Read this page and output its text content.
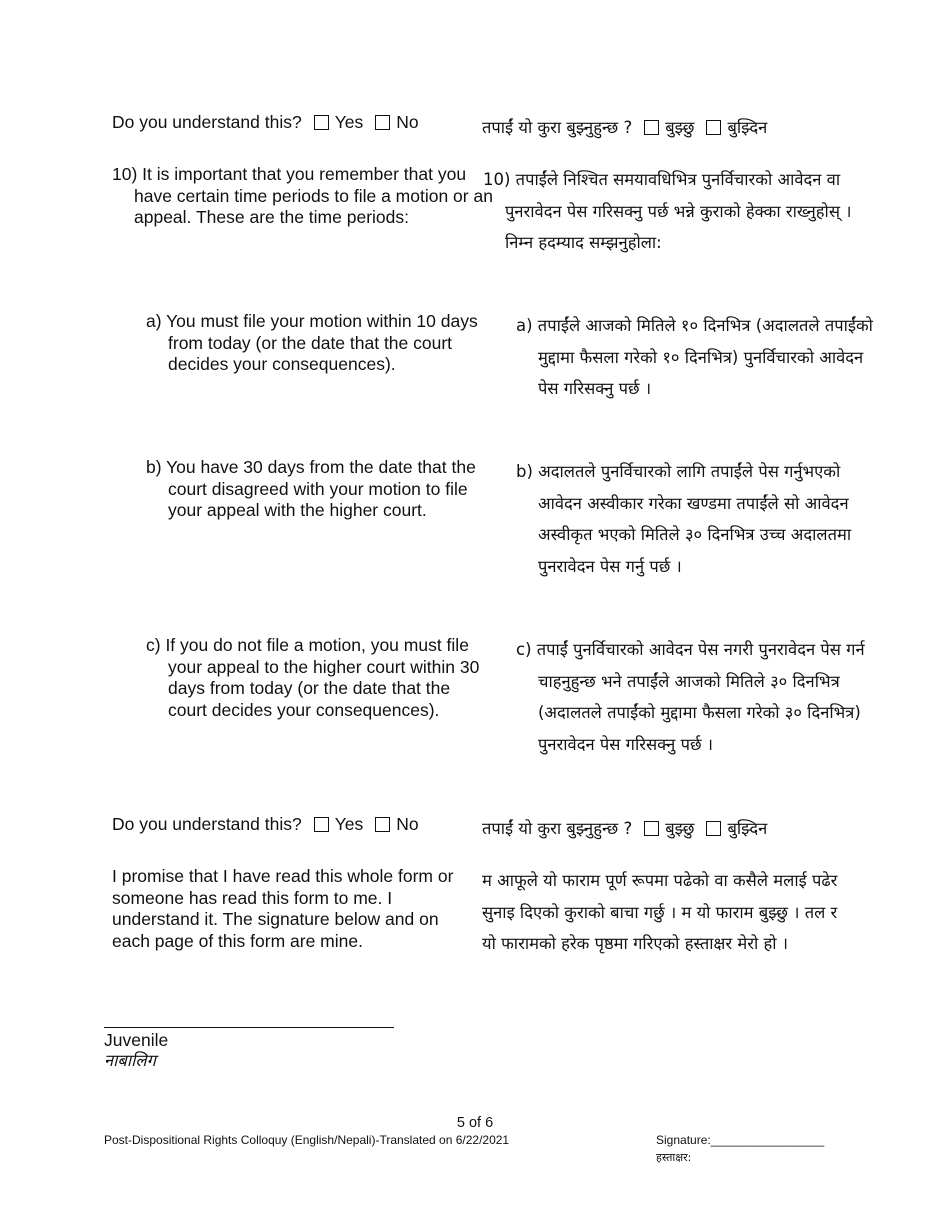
Do you understand this? Yes No	तपाईं यो कुरा बुझ्नुहुन्छ ? बुझ्छु बुझ्दिन
10) It is important that you remember that you have certain time periods to file a motion or an appeal. These are the time periods:
10) तपाईंले निश्चित समयावधिभित्र पुनर्विचारको आवेदन वा पुनरावेदन पेस गरिसक्नु पर्छ भन्ने कुराको हेक्का राख्नुहोस् । निम्न हदम्याद सम्झनुहोला:
a) You must file your motion within 10 days from today (or the date that the court decides your consequences).
a) तपाईंले आजको मितिले १० दिनभित्र (अदालतले तपाईंको मुद्दामा फैसला गरेको १० दिनभित्र) पुनर्विचारको आवेदन पेस गरिसक्नु पर्छ ।
b) You have 30 days from the date that the court disagreed with your motion to file your appeal with the higher court.
b) अदालतले पुनर्विचारको लागि तपाईंले पेस गर्नुभएको आवेदन अस्वीकार गरेका खण्डमा तपाईंले सो आवेदन अस्वीकृत भएको मितिले ३० दिनभित्र उच्च अदालतमा पुनरावेदन पेस गर्नु पर्छ ।
c) If you do not file a motion, you must file your appeal to the higher court within 30 days from today (or the date that the court decides your consequences).
c) तपाईं पुनर्विचारको आवेदन पेस नगरी पुनरावेदन पेस गर्न चाहनुहुन्छ भने तपाईंले आजको मितिले ३० दिनभित्र (अदालतले तपाईंको मुद्दामा फैसला गरेको ३० दिनभित्र) पुनरावेदन पेस गरिसक्नु पर्छ ।
Do you understand this? Yes No	तपाईं यो कुरा बुझ्नुहुन्छ ? बुझ्छु बुझ्दिन
I promise that I have read this whole form or someone has read this form to me. I understand it. The signature below and on each page of this form are mine.
म आफूले यो फाराम पूर्ण रूपमा पढेको वा कसैले मलाई पढेर सुनाइ दिएको कुराको बाचा गर्छु । म यो फाराम बुझ्छु । तल र यो फारामको हरेक पृष्ठमा गरिएको हस्ताक्षर मेरो हो ।
Juvenile
नाबालिग
5 of 6
Post-Dispositional Rights Colloquy (English/Nepali)-Translated on 6/22/2021	Signature:_________________
हस्ताक्षर:
